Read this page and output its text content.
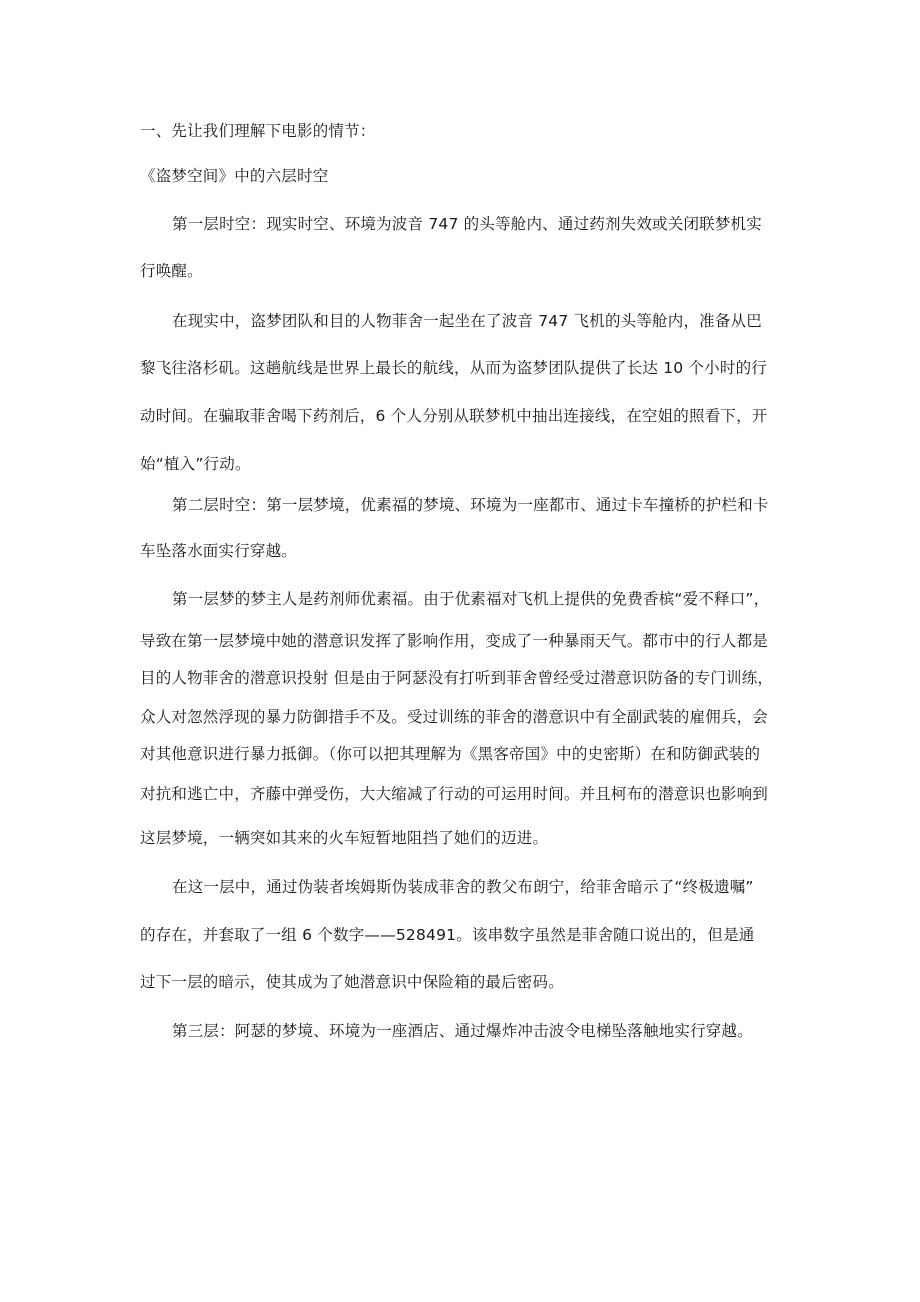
一、先让我们理解下电影的情节：
《盗梦空间》中的六层时空
第一层时空：现实时空、环境为波音 747 的头等舱内、通过药剂失效或关闭联梦机实
行唤醒。
在现实中，盗梦团队和目的人物菲舍一起坐在了波音 747 飞机的头等舱内，准备从巴
黎飞往洛杉矶。这趟航线是世界上最长的航线，从而为盗梦团队提供了长达 10 个小时的行
动时间。在骗取菲舍喝下药剂后，6 个人分别从联梦机中抽出连接线，在空姐的照看下，开
始“植入”行动。
第二层时空：第一层梦境，优素福的梦境、环境为一座都市、通过卡车撞桥的护栏和卡
车坠落水面实行穿越。
第一层梦的梦主人是药剂师优素福。由于优素福对飞机上提供的免费香槟“爱不释口”，
导致在第一层梦境中她的潜意识发挥了影响作用，变成了一种暴雨天气。都市中的行人都是
目的人物菲舍的潜意识投射 但是由于阿瑟没有打听到菲舍曾经受过潜意识防备的专门训练，
众人对忽然浮现的暴力防御措手不及。受过训练的菲舍的潜意识中有全副武装的雇佣兵，会
对其他意识进行暴力抵御。（你可以把其理解为《黑客帝国》中的史密斯）在和防御武装的
对抗和逃亡中，齐藤中弹受伤，大大缩减了行动的可运用时间。并且柯布的潜意识也影响到
这层梦境，一辆突如其来的火车短暂地阻挡了她们的迈进。
在这一层中，通过伪装者埃姆斯伪装成菲舍的教父布朗宁，给菲舍暗示了“终极遗嘱”
的存在，并套取了一组 6 个数字——528491。该串数字虽然是菲舍随口说出的，但是通
过下一层的暗示，使其成为了她潜意识中保险箱的最后密码。
第三层：阿瑟的梦境、环境为一座酒店、通过爆炸冲击波令电梯坠落触地实行穿越。
